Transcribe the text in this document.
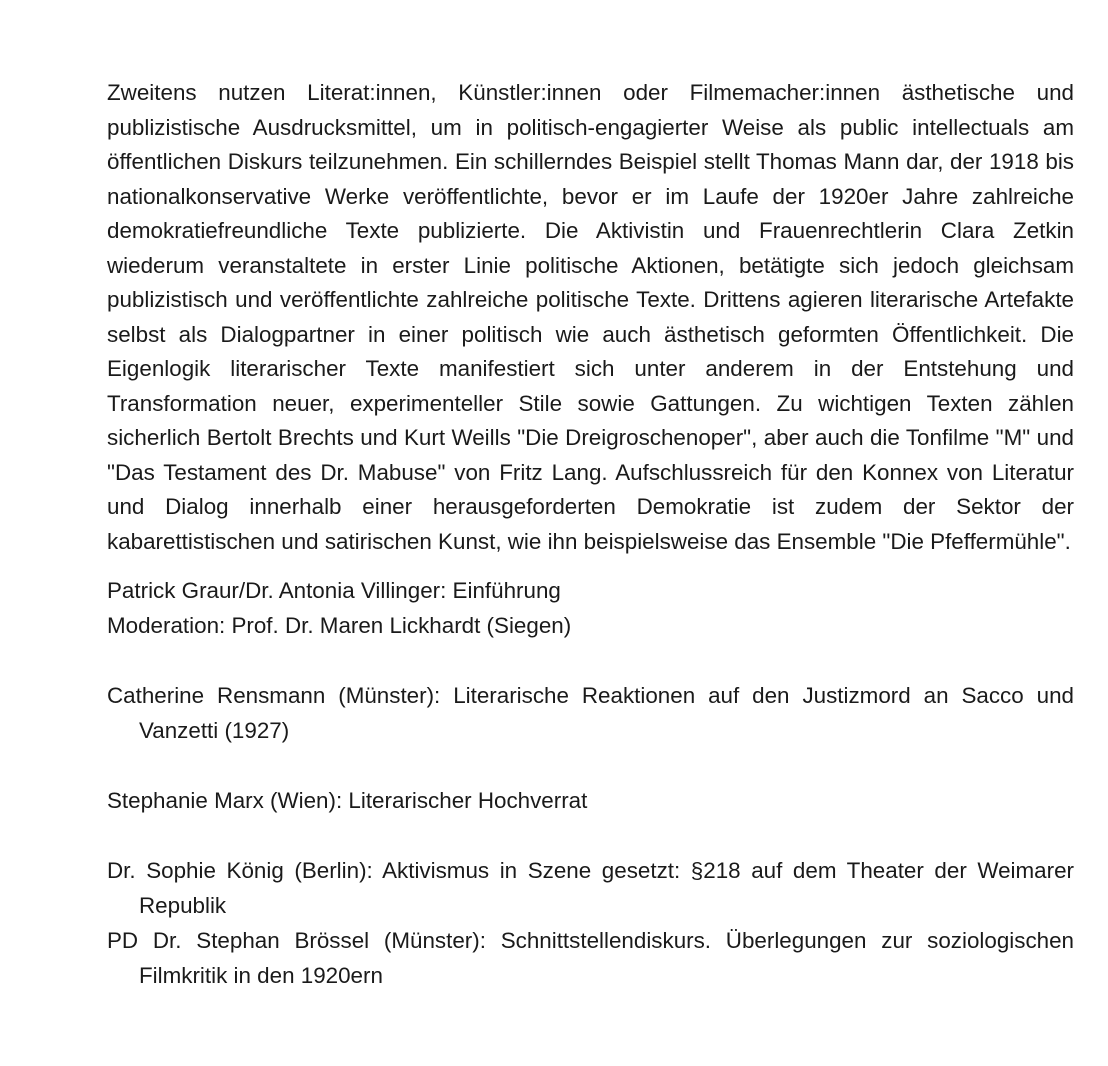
Zweitens nutzen Literat:innen, Künstler:innen oder Filmemacher:innen ästhetische und publizistische Ausdrucksmittel, um in politisch-engagierter Weise als public intellectuals am öffentlichen Diskurs teilzunehmen. Ein schillerndes Beispiel stellt Thomas Mann dar, der 1918 bis nationalkonservative Werke veröffentlichte, bevor er im Laufe der 1920er Jahre zahlreiche demokratiefreundliche Texte publizierte. Die Aktivistin und Frauenrechtlerin Clara Zetkin wiederum veranstaltete in erster Linie politische Aktionen, betätigte sich jedoch gleichsam publizistisch und veröffentlichte zahlreiche politische Texte. Drittens agieren literarische Artefakte selbst als Dialogpartner in einer politisch wie auch ästhetisch geformten Öffentlichkeit. Die Eigenlogik literarischer Texte manifestiert sich unter anderem in der Entstehung und Transformation neuer, experimenteller Stile sowie Gattungen. Zu wichtigen Texten zählen sicherlich Bertolt Brechts und Kurt Weills "Die Dreigroschenoper", aber auch die Tonfilme "M" und "Das Testament des Dr. Mabuse" von Fritz Lang. Aufschlussreich für den Konnex von Literatur und Dialog innerhalb einer herausgeforderten Demokratie ist zudem der Sektor der kabarettistischen und satirischen Kunst, wie ihn beispielsweise das Ensemble "Die Pfeffermühle".

Patrick Graur/Dr. Antonia Villinger: Einführung
Moderation: Prof. Dr. Maren Lickhardt (Siegen)

Catherine Rensmann (Münster): Literarische Reaktionen auf den Justizmord an Sacco und Vanzetti (1927)

Stephanie Marx (Wien): Literarischer Hochverrat

Dr. Sophie König (Berlin): Aktivismus in Szene gesetzt: §218 auf dem Theater der Weimarer Republik

PD Dr. Stephan Brössel (Münster): Schnittstellendiskurs. Überlegungen zur soziologischen Filmkritik in den 1920ern
